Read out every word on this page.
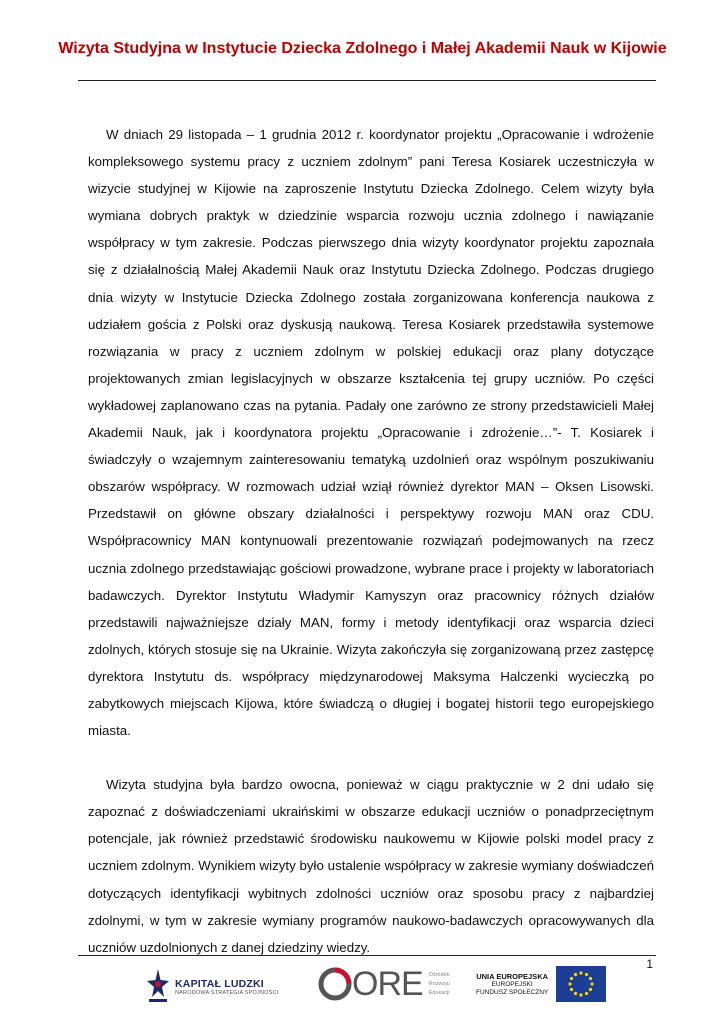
Wizyta Studyjna w Instytucie Dziecka Zdolnego i Małej Akademii Nauk w Kijowie

W dniach 29 listopada – 1 grudnia 2012 r. koordynator projektu „Opracowanie i wdrożenie kompleksowego systemu pracy z uczniem zdolnym” pani Teresa Kosiarek uczestniczyła w wizycie studyjnej w Kijowie na zaproszenie Instytutu Dziecka Zdolnego. Celem wizyty była wymiana dobrych praktyk w dziedzinie wsparcia rozwoju ucznia zdolnego i nawiązanie współpracy w tym zakresie. Podczas pierwszego dnia wizyty koordynator projektu zapoznała się z działalnością Małej Akademii Nauk oraz Instytutu Dziecka Zdolnego. Podczas drugiego dnia wizyty w Instytucie Dziecka Zdolnego została zorganizowana konferencja naukowa z udziałem gościa z Polski oraz dyskusją naukową. Teresa Kosiarek przedstawiła systemowe rozwiązania w pracy z uczniem zdolnym w polskiej edukacji oraz plany dotyczące projektowanych zmian legislacyjnych w obszarze kształcenia tej grupy uczniów. Po części wykładowej zaplanowano czas na pytania. Padały one zarówno ze strony przedstawicieli Małej Akademii Nauk, jak i koordynatora projektu „Opracowanie i zdrożenie…”- T. Kosiarek i świadczyły o wzajemnym zainteresowaniu tematyką uzdolnień oraz wspólnym poszukiwaniu obszarów współpracy. W rozmowach udział wziął również dyrektor MAN – Oksen Lisowski. Przedstawił on główne obszary działalności i perspektywy rozwoju MAN oraz CDU. Współpracownicy MAN kontynuowali prezentowanie rozwiązań podejmowanych na rzecz ucznia zdolnego przedstawiając gościowi prowadzone, wybrane prace i projekty w laboratoriach badawczych. Dyrektor Instytutu Władymir Kamyszyn oraz pracownicy różnych działów przedstawili najważniejsze działy MAN, formy i metody identyfikacji oraz wsparcia dzieci zdolnych, których stosuje się na Ukrainie. Wizyta zakończyła się zorganizowaną przez zastępcę dyrektora Instytutu ds. współpracy międzynarodowej Maksyma Halczenki wycieczką po zabytkowych miejscach Kijowa, które świadczą o długiej i bogatej historii tego europejskiego miasta.

Wizyta studyjna była bardzo owocna, ponieważ w ciągu praktycznie w 2 dni udało się zapoznać z doświadczeniami ukraińskimi w obszarze edukacji uczniów o ponadprzeciętnym potencjale, jak również przedstawić środowisku naukowemu w Kijowie polski model pracy z uczniem zdolnym. Wynikiem wizyty było ustalenie współpracy w zakresie wymiany doświadczeń dotyczących identyfikacji wybitnych zdolności uczniów oraz sposobu pracy z najbardziej zdolnymi, w tym w zakresie wymiany programów naukowo-badawczych opracowywanych dla uczniów uzdolnionych z danej dziedziny wiedzy.

1
KAPITAŁ LUDZKI
NARODOWA STRATEGIA SPÓJNOŚCI ORE Ośrodek
Rozwoju
Edukacji
UNIA EUROPEJSKA
EUROPEJSKI
FUNDUSZ SPOŁECZNY
